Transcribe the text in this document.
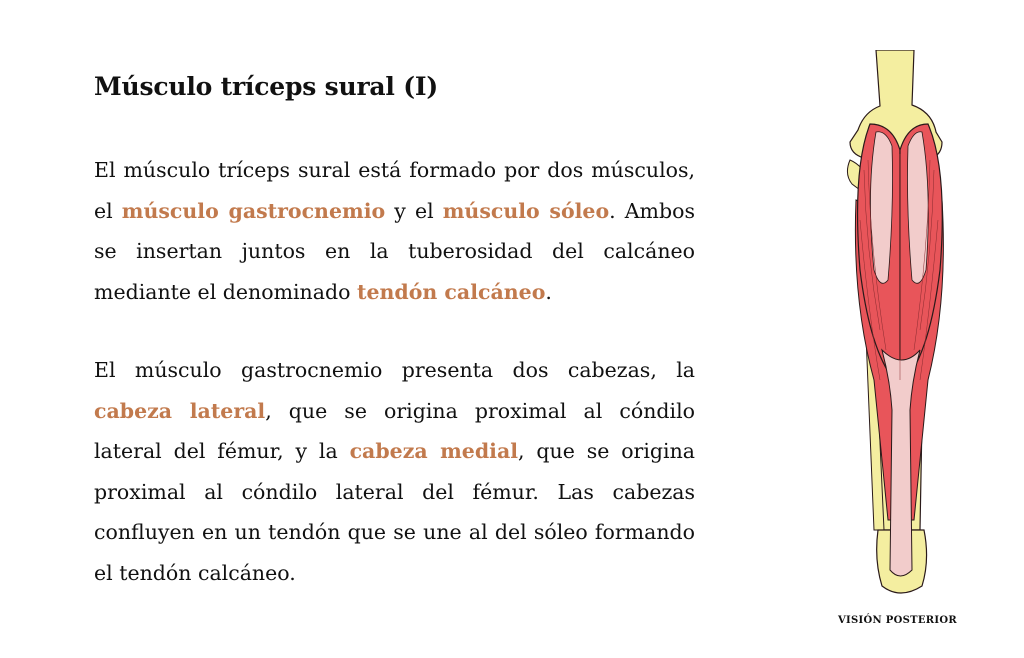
Músculo tríceps sural (I)

El músculo tríceps sural está formado por dos músculos, el músculo gastrocnemio y el músculo sóleo. Ambos se insertan juntos en la tuberosidad del calcáneo mediante el denominado tendón calcáneo.

El músculo gastrocnemio presenta dos cabezas, la cabeza lateral, que se origina proximal al cóndilo lateral del fémur, y la cabeza medial, que se origina proximal al cóndilo lateral del fémur. Las cabezas confluyen en un tendón que se une al del sóleo formando el tendón calcáneo.

VISIÓN POSTERIOR
